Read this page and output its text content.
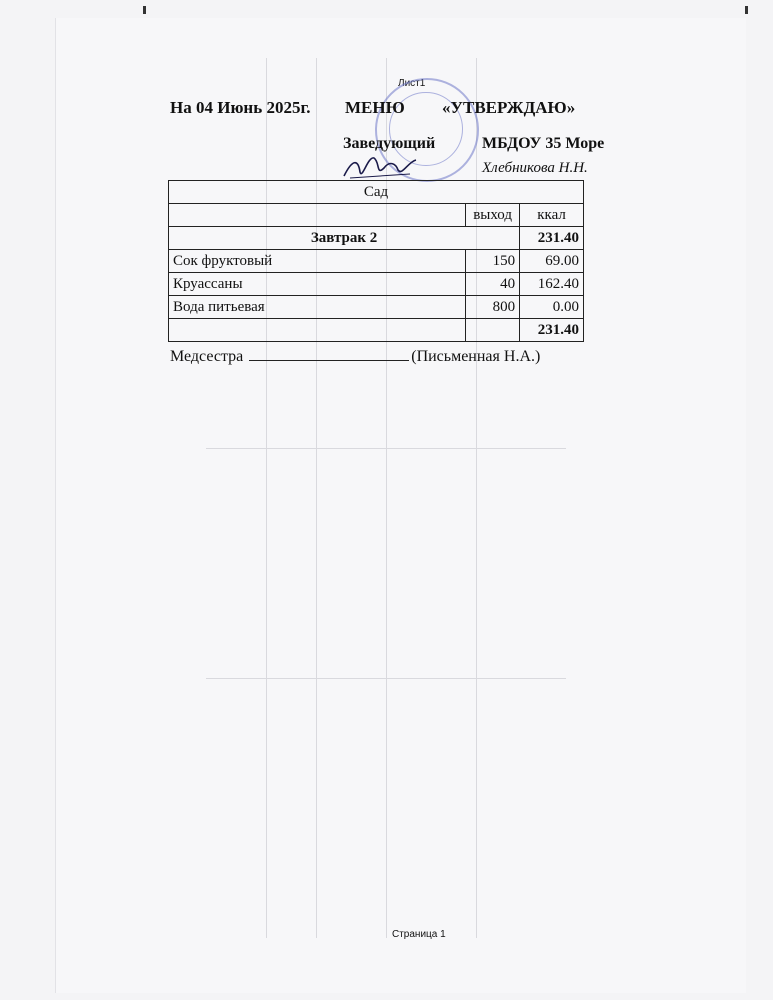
Лист1
На 04 Июнь 2025г. МЕНЮ «УТВЕРЖДАЮ»
Заведующий	МБДОУ 35 Море
Хлебникова Н.Н.
Сад		
	выход	ккал
Завтрак 2		231.40
Сок фруктовый	150	69.00
Круассаны	40	162.40
Вода питьевая	800	0.00
		231.40
Медсестра	(Письменная Н.А.)
Страница 1
